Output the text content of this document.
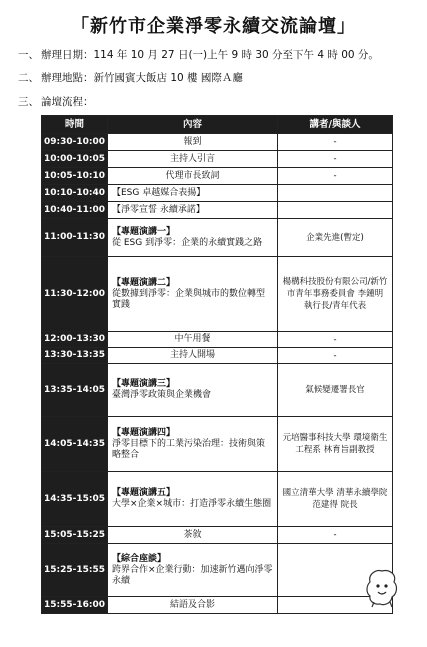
「新竹市企業淨零永續交流論壇」
一、 辦理日期：114 年 10 月 27 日(一)上午 9 時 30 分至下午 4 時 00 分。
二、 辦理地點：新竹國賓大飯店 10 樓 國際Ａ廳
三、 論壇流程：
時間	內容	講者/與談人
09:30-10:00	報到	-
10:00-10:05	主持人引言	-
10:05-10:10	代理市長致詞	-
10:10-10:40	【ESG 卓越媒合表揚】	
10:40-11:00	【淨零宣誓 永續承諾】	
11:00-11:30	【專題演講一】
從 ESG 到淨零：企業的永續實踐之路	企業先進(暫定)
11:30-12:00	【專題演講二】
從數據到淨零：企業與城市的數位轉型實踐	楊構科技股份有限公司/新竹市青年事務委員會 李鍾明 執行長/青年代表
12:00-13:30	中午用餐	-
13:30-13:35	主持人開場	-
13:35-14:05	【專題演講三】
臺灣淨零政策與企業機會	氣候變遷署長官
14:05-14:35	【專題演講四】
淨零目標下的工業污染治理：技術與策略整合	元培醫事科技大學 環境衛生工程系 林育旨副教授
14:35-15:05	【專題演講五】
大學×企業×城市：打造淨零永續生態圈	國立清華大學 清華永續學院 范建得 院長
15:05-15:25	茶敘	-
15:25-15:55	【綜合座談】
跨界合作×企業行動：加速新竹邁向淨零永續	

15:55-16:00	結語及合影	
